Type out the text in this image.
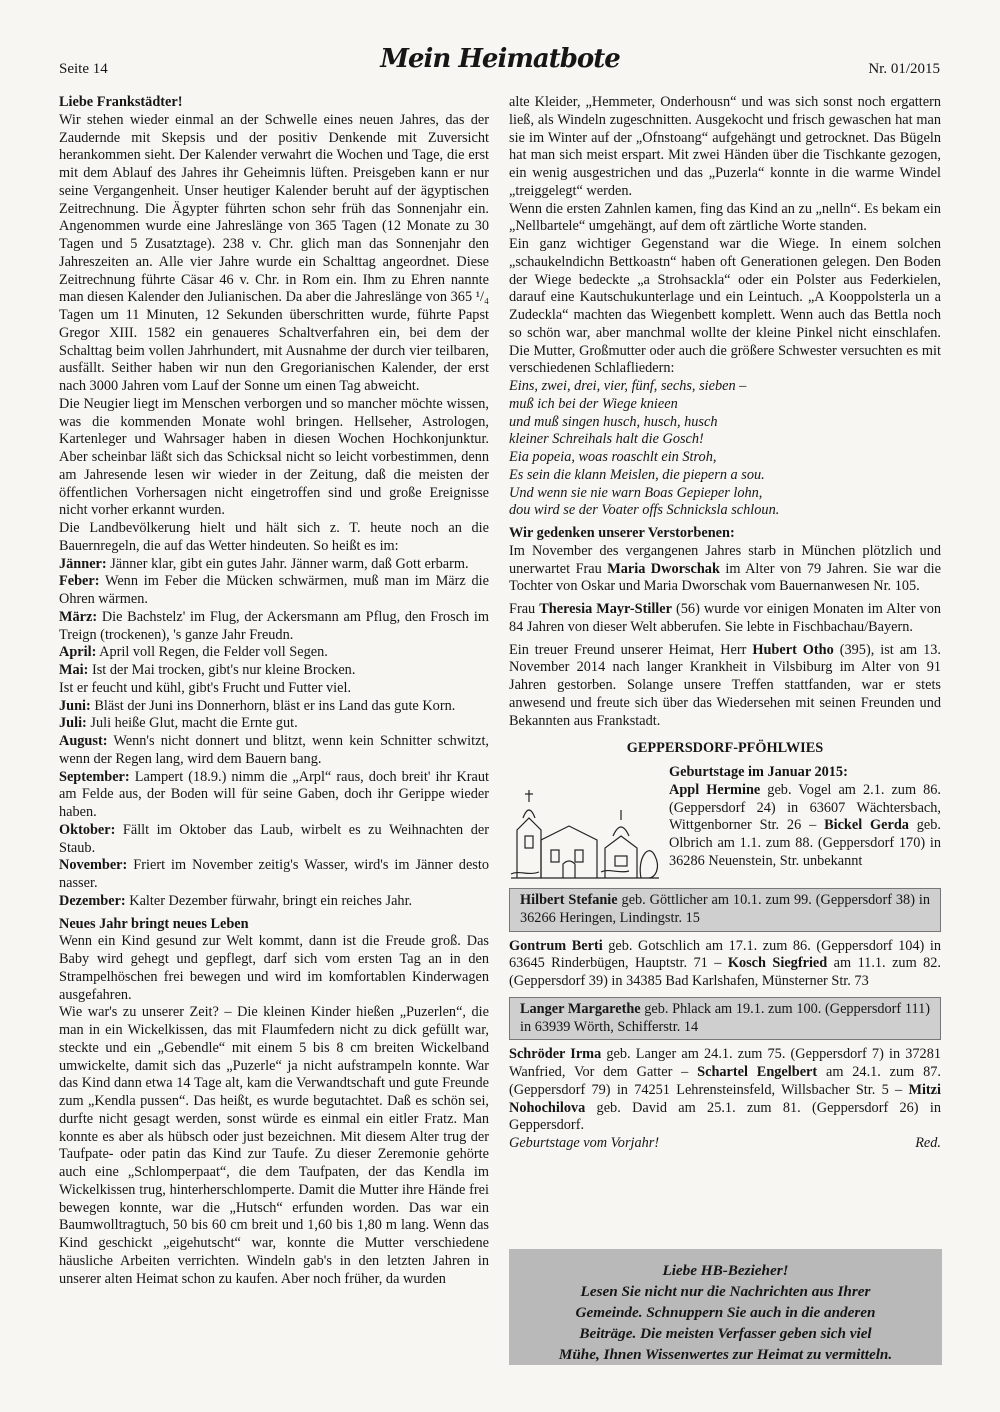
Seite 14	Mein Heimatbote	Nr. 01/2015

Liebe Frankstädter!

Wir stehen wieder einmal an der Schwelle eines neuen Jahres, das der Zaudernde mit Skepsis und der positiv Denkende mit Zuversicht herankommen sieht. Der Kalender verwahrt die Wochen und Tage, die erst mit dem Ablauf des Jahres ihr Geheimnis lüften. Preisgeben kann er nur seine Vergangenheit. Unser heutiger Kalender beruht auf der ägyptischen Zeitrechnung. Die Ägypter führten schon sehr früh das Sonnenjahr ein. Angenommen wurde eine Jahreslänge von 365 Tagen (12 Monate zu 30 Tagen und 5 Zusatztage). 238 v. Chr. glich man das Sonnenjahr den Jahreszeiten an. Alle vier Jahre wurde ein Schalttag angeordnet. Diese Zeitrechnung führte Cäsar 46 v. Chr. in Rom ein. Ihm zu Ehren nannte man diesen Kalender den Julianischen. Da aber die Jahreslänge von 365 ¹/₄ Tagen um 11 Minuten, 12 Sekunden überschritten wurde, führte Papst Gregor XIII. 1582 ein genaueres Schaltverfahren ein, bei dem der Schalttag beim vollen Jahrhundert, mit Ausnahme der durch vier teilbaren, ausfällt. Seither haben wir nun den Gregorianischen Kalender, der erst nach 3000 Jahren vom Lauf der Sonne um einen Tag abweicht.

Die Neugier liegt im Menschen verborgen und so mancher möchte wissen, was die kommenden Monate wohl bringen. Hellseher, Astrologen, Kartenleger und Wahrsager haben in diesen Wochen Hochkonjunktur. Aber scheinbar läßt sich das Schicksal nicht so leicht vorbestimmen, denn am Jahresende lesen wir wieder in der Zeitung, daß die meisten der öffentlichen Vorhersagen nicht eingetroffen sind und große Ereignisse nicht vorher erkannt wurden.

Die Landbevölkerung hielt und hält sich z. T. heute noch an die Bauernregeln, die auf das Wetter hindeuten. So heißt es im:

Jänner: Jänner klar, gibt ein gutes Jahr. Jänner warm, daß Gott erbarm.

Feber: Wenn im Feber die Mücken schwärmen, muß man im März die Ohren wärmen.

März: Die Bachstelz' im Flug, der Ackersmann am Pflug, den Frosch im Treign (trockenen), 's ganze Jahr Freudn.

April: April voll Regen, die Felder voll Segen.

Mai: Ist der Mai trocken, gibt's nur kleine Brocken.

Ist er feucht und kühl, gibt's Frucht und Futter viel.

Juni: Bläst der Juni ins Donnerhorn, bläst er ins Land das gute Korn.

Juli: Juli heiße Glut, macht die Ernte gut.

August: Wenn's nicht donnert und blitzt, wenn kein Schnitter schwitzt, wenn der Regen lang, wird dem Bauern bang.

September: Lampert (18.9.) nimm die „Arpl“ raus, doch breit' ihr Kraut am Felde aus, der Boden will für seine Gaben, doch ihr Gerippe wieder haben.

Oktober: Fällt im Oktober das Laub, wirbelt es zu Weihnachten der Staub.

November: Friert im November zeitig's Wasser, wird's im Jänner desto nasser.

Dezember: Kalter Dezember fürwahr, bringt ein reiches Jahr.

Neues Jahr bringt neues Leben

Wenn ein Kind gesund zur Welt kommt, dann ist die Freude groß. Das Baby wird gehegt und gepflegt, darf sich vom ersten Tag an in den Strampelhöschen frei bewegen und wird im komfortablen Kinderwagen ausgefahren.

Wie war's zu unserer Zeit? – Die kleinen Kinder hießen „Puzerlen“, die man in ein Wickelkissen, das mit Flaumfedern nicht zu dick gefüllt war, steckte und ein „Gebendle“ mit einem 5 bis 8 cm breiten Wickelband umwickelte, damit sich das „Puzerle“ ja nicht aufstrampeln konnte. War das Kind dann etwa 14 Tage alt, kam die Verwandtschaft und gute Freunde zum „Kendla pussen“. Das heißt, es wurde begutachtet. Daß es schön sei, durfte nicht gesagt werden, sonst würde es einmal ein eitler Fratz. Man konnte es aber als hübsch oder just bezeichnen. Mit diesem Alter trug der Taufpate- oder patin das Kind zur Taufe. Zu dieser Zeremonie gehörte auch eine „Schlomperpaat“, die dem Taufpaten, der das Kendla im Wickelkissen trug, hinterherschlomperte. Damit die Mutter ihre Hände frei bewegen konnte, war die „Hutsch“ erfunden worden. Das war ein Baumwolltragtuch, 50 bis 60 cm breit und 1,60 bis 1,80 m lang. Wenn das Kind geschickt „eigehutscht“ war, konnte die Mutter verschiedene häusliche Arbeiten verrichten. Windeln gab's in den letzten Jahren in unserer alten Heimat schon zu kaufen. Aber noch früher, da wurden

alte Kleider, „Hemmeter, Onderhousn“ und was sich sonst noch ergattern ließ, als Windeln zugeschnitten. Ausgekocht und frisch gewaschen hat man sie im Winter auf der „Ofnstoang“ aufgehängt und getrocknet. Das Bügeln hat man sich meist erspart. Mit zwei Händen über die Tischkante gezogen, ein wenig ausgestrichen und das „Puzerla“ konnte in die warme Windel „treiggelegt“ werden.

Wenn die ersten Zahnlen kamen, fing das Kind an zu „nelln“. Es bekam ein „Nellbartele“ umgehängt, auf dem oft zärtliche Worte standen.

Ein ganz wichtiger Gegenstand war die Wiege. In einem solchen „schaukelndichn Bettkoastn“ haben oft Generationen gelegen. Den Boden der Wiege bedeckte „a Strohsackla“ oder ein Polster aus Federkielen, darauf eine Kautschukunterlage und ein Leintuch. „A Kooppolsterla un a Zudeckla“ machten das Wiegenbett komplett. Wenn auch das Bettla noch so schön war, aber manchmal wollte der kleine Pinkel nicht einschlafen. Die Mutter, Großmutter oder auch die größere Schwester versuchten es mit verschiedenen Schlafliedern:

Eins, zwei, drei, vier, fünf, sechs, sieben –

muß ich bei der Wiege knieen

und muß singen husch, husch, husch

kleiner Schreihals halt die Gosch!

Eia popeia, woas roaschlt ein Stroh,

Es sein die klann Meislen, die piepern a sou.

Und wenn sie nie warn Boas Gepieper lohn,

dou wird se der Voater offs Schnicksla schloun.

Wir gedenken unserer Verstorbenen:

Im November des vergangenen Jahres starb in München plötzlich und unerwartet Frau Maria Dworschak im Alter von 79 Jahren. Sie war die Tochter von Oskar und Maria Dworschak vom Bauernanwesen Nr. 105.

Frau Theresia Mayr-Stiller (56) wurde vor einigen Monaten im Alter von 84 Jahren von dieser Welt abberufen. Sie lebte in Fischbachau/Bayern.

Ein treuer Freund unserer Heimat, Herr Hubert Otho (395), ist am 13. November 2014 nach langer Krankheit in Vilsbiburg im Alter von 91 Jahren gestorben. Solange unsere Treffen stattfanden, war er stets anwesend und freute sich über das Wiedersehen mit seinen Freunden und Bekannten aus Frankstadt.

GEPPERSDORF-PFÖHLWIES

Geburtstage im Januar 2015:

Appl Hermine geb. Vogel am 2.1. zum 86. (Geppersdorf 24) in 63607 Wächtersbach, Wittgenborner Str. 26 – Bickel Gerda geb. Olbrich am 1.1. zum 88. (Geppersdorf 170) in 36286 Neuenstein, Str. unbekannt

Hilbert Stefanie geb. Göttlicher am 10.1. zum 99. (Geppersdorf 38) in 36266 Heringen, Lindingstr. 15

Gontrum Berti geb. Gotschlich am 17.1. zum 86. (Geppersdorf 104) in 63645 Rinderbügen, Hauptstr. 71 – Kosch Siegfried am 11.1. zum 82. (Geppersdorf 39) in 34385 Bad Karlshafen, Münsterner Str. 73

Langer Margarethe geb. Phlack am 19.1. zum 100. (Geppersdorf 111) in 63939 Wörth, Schifferstr. 14

Schröder Irma geb. Langer am 24.1. zum 75. (Geppersdorf 7) in 37281 Wanfried, Vor dem Gatter – Schartel Engelbert am 24.1. zum 87. (Geppersdorf 79) in 74251 Lehrensteinsfeld, Willsbacher Str. 5 – Mitzi Nohochilova geb. David am 25.1. zum 81. (Geppersdorf 26) in Geppersdorf.

Geburtstage vom Vorjahr!	Red.

Liebe HB-Bezieher!
Lesen Sie nicht nur die Nachrichten aus Ihrer
Gemeinde. Schnuppern Sie auch in die anderen
Beiträge. Die meisten Verfasser geben sich viel
Mühe, Ihnen Wissenwertes zur Heimat zu vermitteln.
